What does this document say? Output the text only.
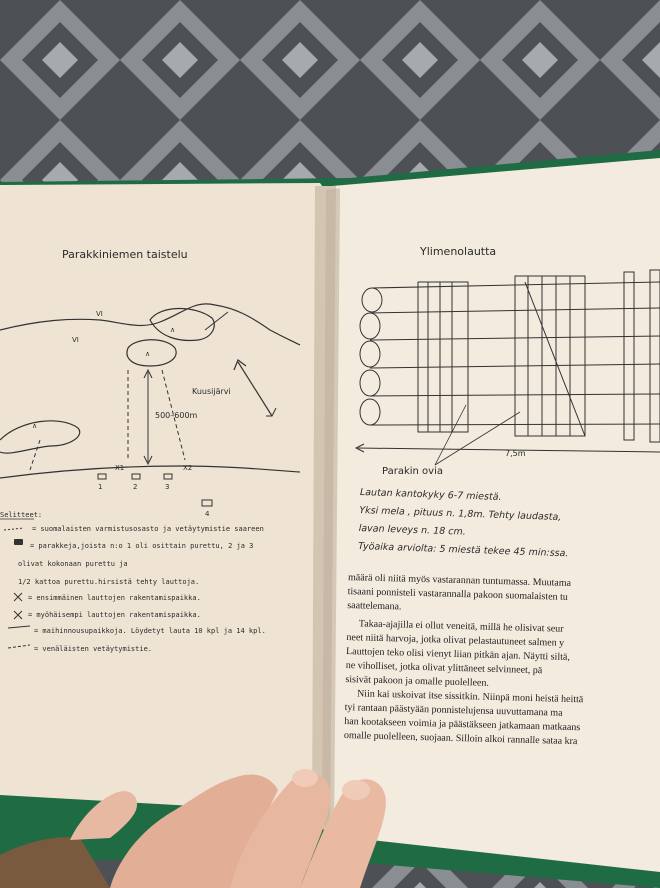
Parakkiniemen taistelu
500–600m
Kuusijärvi
VI
VI
∧
∧
∧
X1	X2
1	2	3
4
Selitteet:
= suomalaisten varmistusosasto ja vetäytymistie saareen
= parakkeja,joista n:o 1 oli osittain purettu, 2 ja 3
olivat kokonaan purettu ja
1/2 kattoa purettu.hirsistä tehty lauttoja.
= ensimmäinen lauttojen rakentamispaikka.
= myöhäisempi lauttojen rakentamispaikka.
= maihinnousupaikkoja. Löydetyt lauta 10 kpl ja 14 kpl.
= venäläisten vetäytymistie.
Ylimenolautta
7,5m
Parakin ovia
Lautan kantokyky 6-7 miestä.
Yksi mela , pituus n. 1,8m. Tehty laudasta,
lavan leveys n. 18 cm.
Työaika arviolta: 5 miestä tekee 45 min:ssa.
määrä oli niitä myös vastarannan tuntumassa. Muutama
tisaani ponnisteli vastarannalla pakoon suomalaisten tu
saattelemana.
Takaa-ajajilla ei ollut veneitä, millä he olisivat seur
neet niitä harvoja, jotka olivat pelastautuneet salmen y
Lauttojen teko olisi vienyt liian pitkän ajan. Näytti siltä,
ne viholliset, jotka olivat ylittäneet selvinneet, pä
sisivät pakoon ja omalle puolelleen.
Niin kai uskoivat itse sissitkin. Niinpä moni heistä heittä
tyi rantaan päästyään ponnistelujensa uuvuttamana ma
han kootakseen voimia ja päästäkseen jatkamaan matkaans
omalle puolelleen, suojaan. Silloin alkoi rannalle sataa kra
